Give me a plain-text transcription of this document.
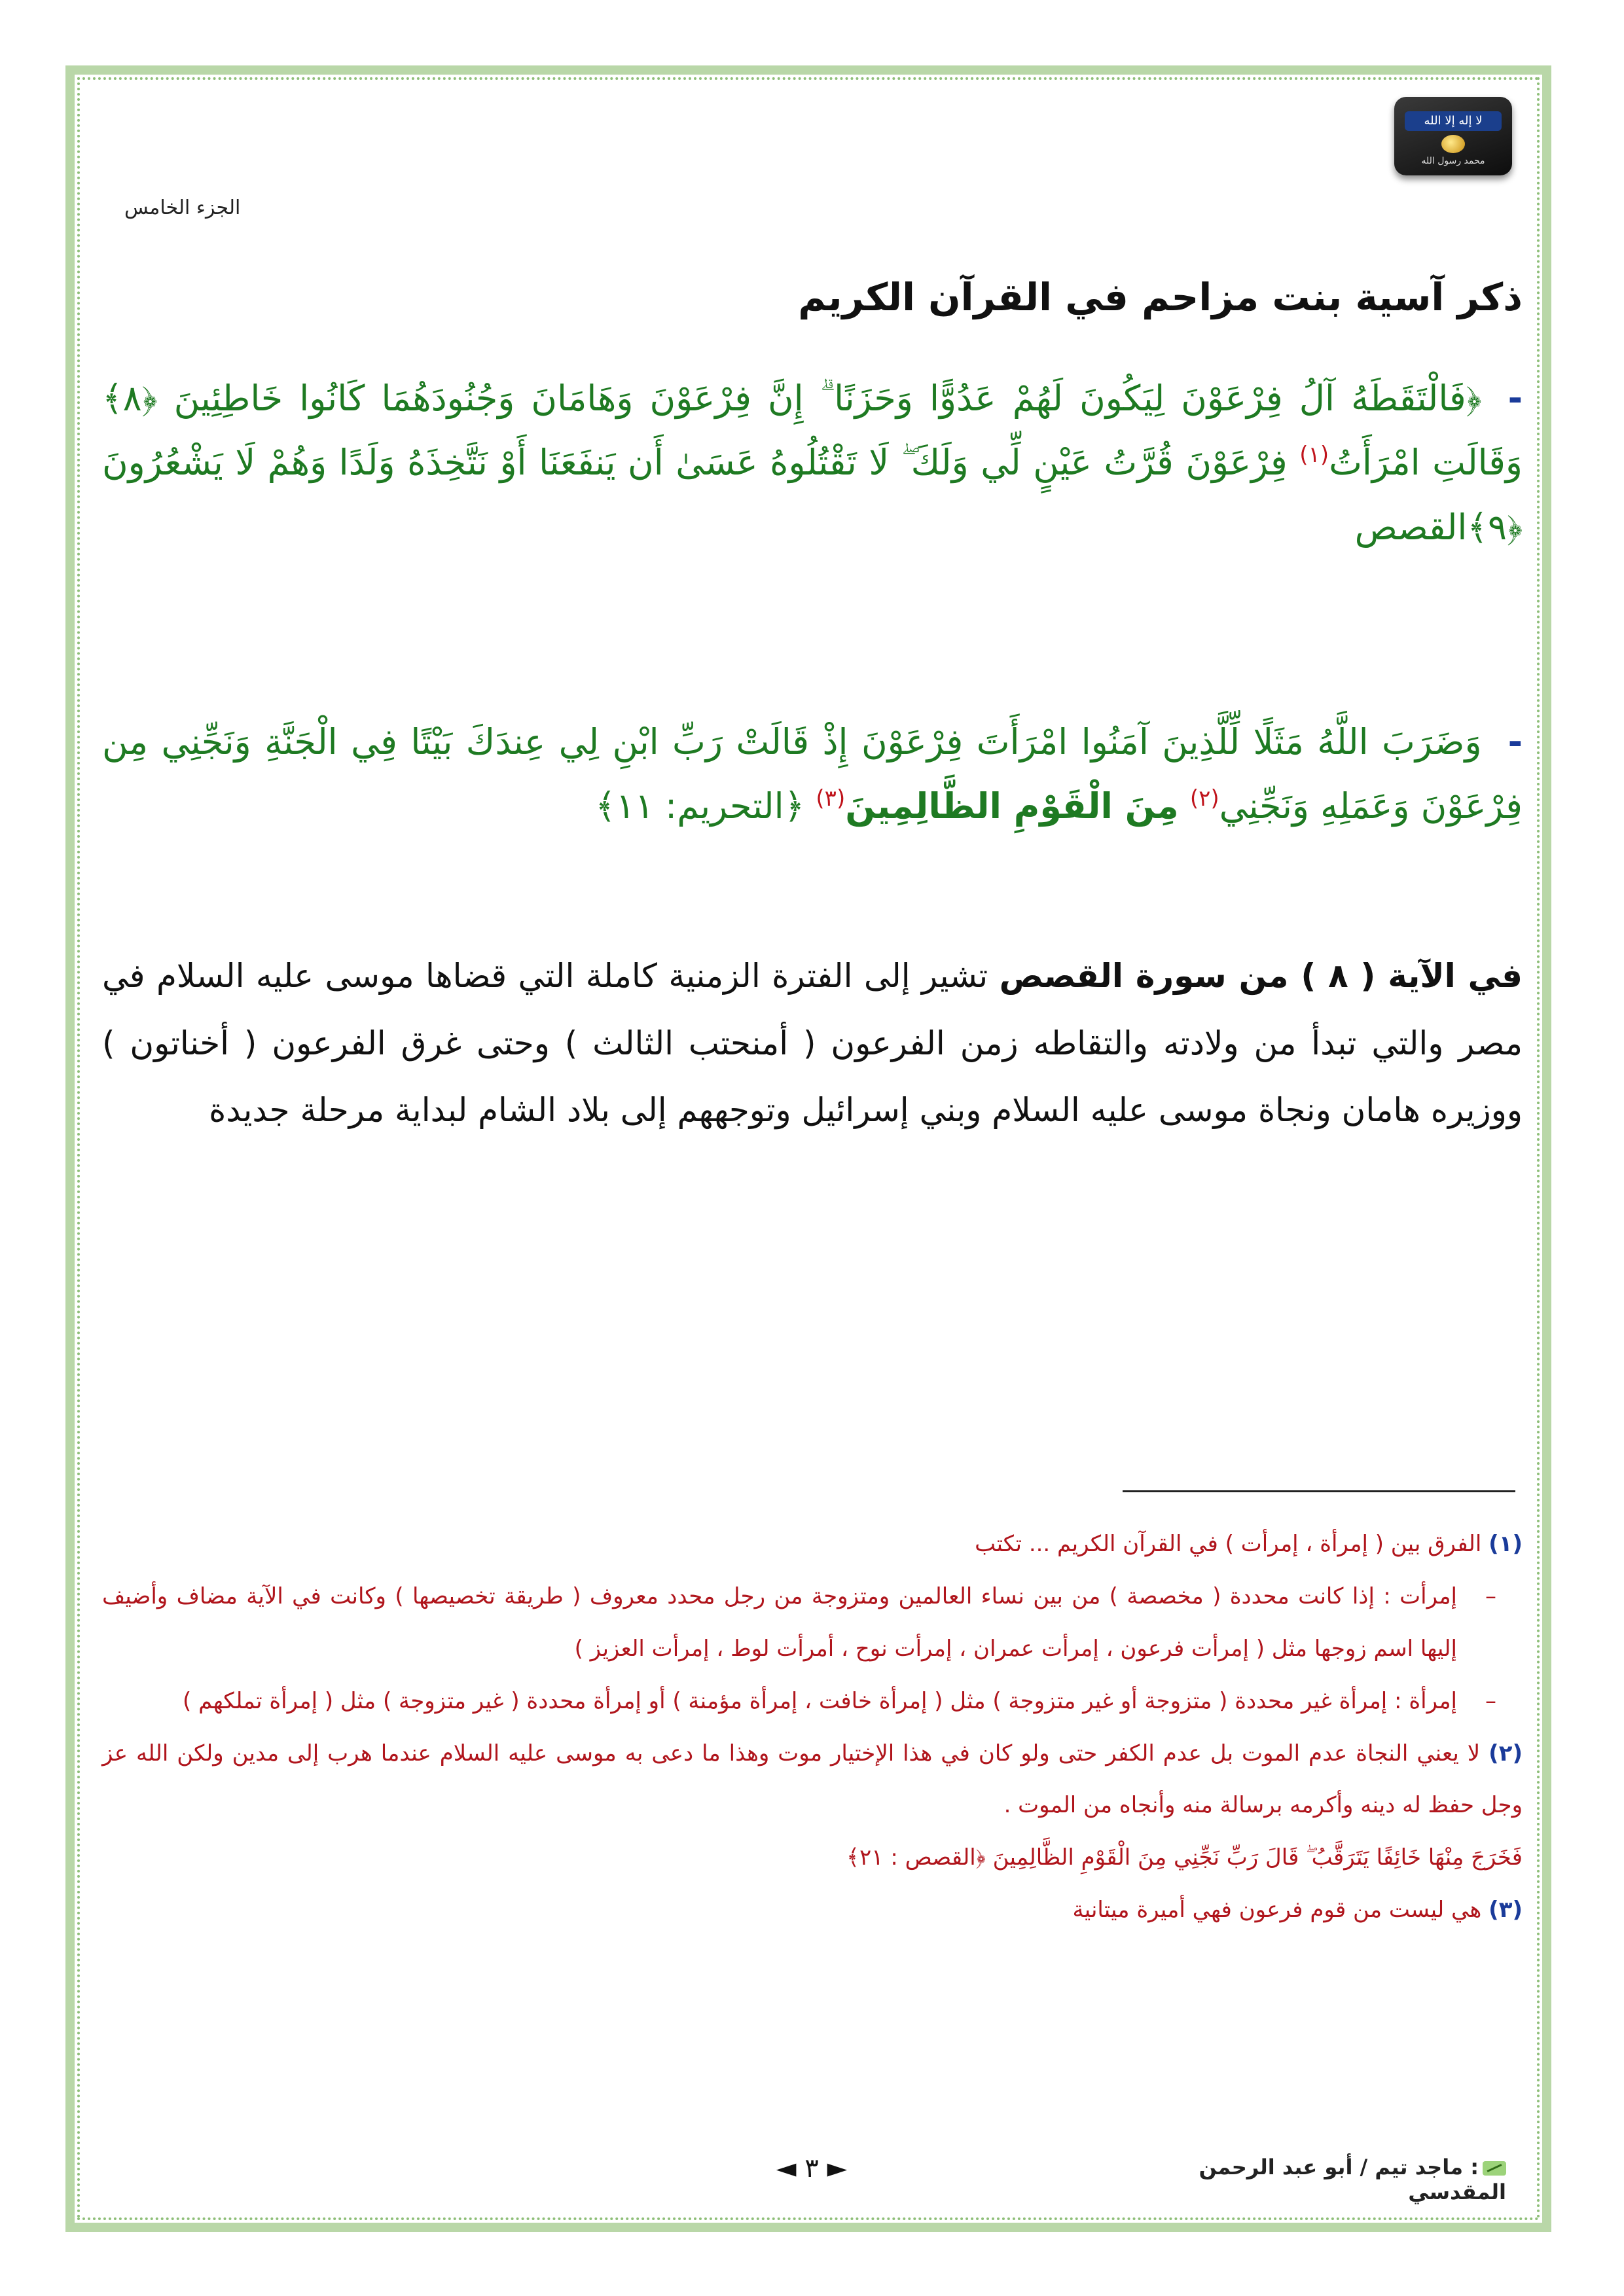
لا إله إلا الله
محمد رسول الله
الجزء الخامس
ذكر آسية بنت مزاحم في القرآن الكريم
-﴿فَالْتَقَطَهُ آلُ فِرْعَوْنَ لِيَكُونَ لَهُمْ عَدُوًّا وَحَزَنًا ۗ إِنَّ فِرْعَوْنَ وَهَامَانَ وَجُنُودَهُمَا كَانُوا خَاطِئِينَ ﴿٨﴾ وَقَالَتِ امْرَأَتُ$^{(١)}$ فِرْعَوْنَ قُرَّتُ عَيْنٍ لِّي وَلَكَ ۖ لَا تَقْتُلُوهُ عَسَىٰ أَن يَنفَعَنَا أَوْ نَتَّخِذَهُ وَلَدًا وَهُمْ لَا يَشْعُرُونَ ﴿٩﴾القصص
-وَضَرَبَ اللَّهُ مَثَلًا لِّلَّذِينَ آمَنُوا امْرَأَتَ فِرْعَوْنَ إِذْ قَالَتْ رَبِّ ابْنِ لِي عِندَكَ بَيْتًا فِي الْجَنَّةِ وَنَجِّنِي مِن فِرْعَوْنَ وَعَمَلِهِ وَنَجِّنِي$^{(٢)}$ مِنَ الْقَوْمِ الظَّالِمِينَ$^{(٣)}$ ﴿التحريم: ١١﴾
في الآية ( ٨ ) من سورة القصص تشير إلى الفترة الزمنية كاملة التي قضاها موسى عليه السلام في مصر والتي تبدأ من ولادته والتقاطه زمن الفرعون ( أمنحتب الثالث ) وحتى غرق الفرعون ( أخناتون ) ووزيره هامان ونجاة موسى عليه السلام وبني إسرائيل وتوجههم إلى بلاد الشام لبداية مرحلة جديدة

(١) الفرق بين ( إمرأة ، إمرأت ) في القرآن الكريم ... تكتب

–
إمرأت : إذا كانت محددة ( مخصصة ) من بين نساء العالمين ومتزوجة من رجل محدد معروف ( طريقة تخصيصها ) وكانت في الآية مضاف وأضيف إليها اسم زوجها مثل ( إمرأت فرعون ، إمرأت عمران ، إمرأت نوح ، أمرأت لوط ، إمرأت العزيز )

–
إمرأة : إمرأة غير محددة ( متزوجة أو غير متزوجة ) مثل ( إمرأة خافت ، إمرأة مؤمنة ) أو إمرأة محددة ( غير متزوجة ) مثل ( إمرأة تملكهم )

(٢) لا يعني النجاة عدم الموت بل عدم الكفر حتى ولو كان في هذا الإختيار موت وهذا ما دعى به موسى عليه السلام عندما هرب إلى مدين ولكن الله عز وجل حفظ له دينه وأكرمه برسالة منه وأنجاه من الموت .

فَخَرَجَ مِنْهَا خَائِفًا يَتَرَقَّبُ ۖ قَالَ رَبِّ نَجِّنِي مِنَ الْقَوْمِ الظَّالِمِينَ ﴿القصص : ٢١﴾

(٣) هي ليست من قوم فرعون فهي أميرة ميتانية

◄ ٣ ►	: ماجد تيم / أبو عبد الرحمن المقدسي
